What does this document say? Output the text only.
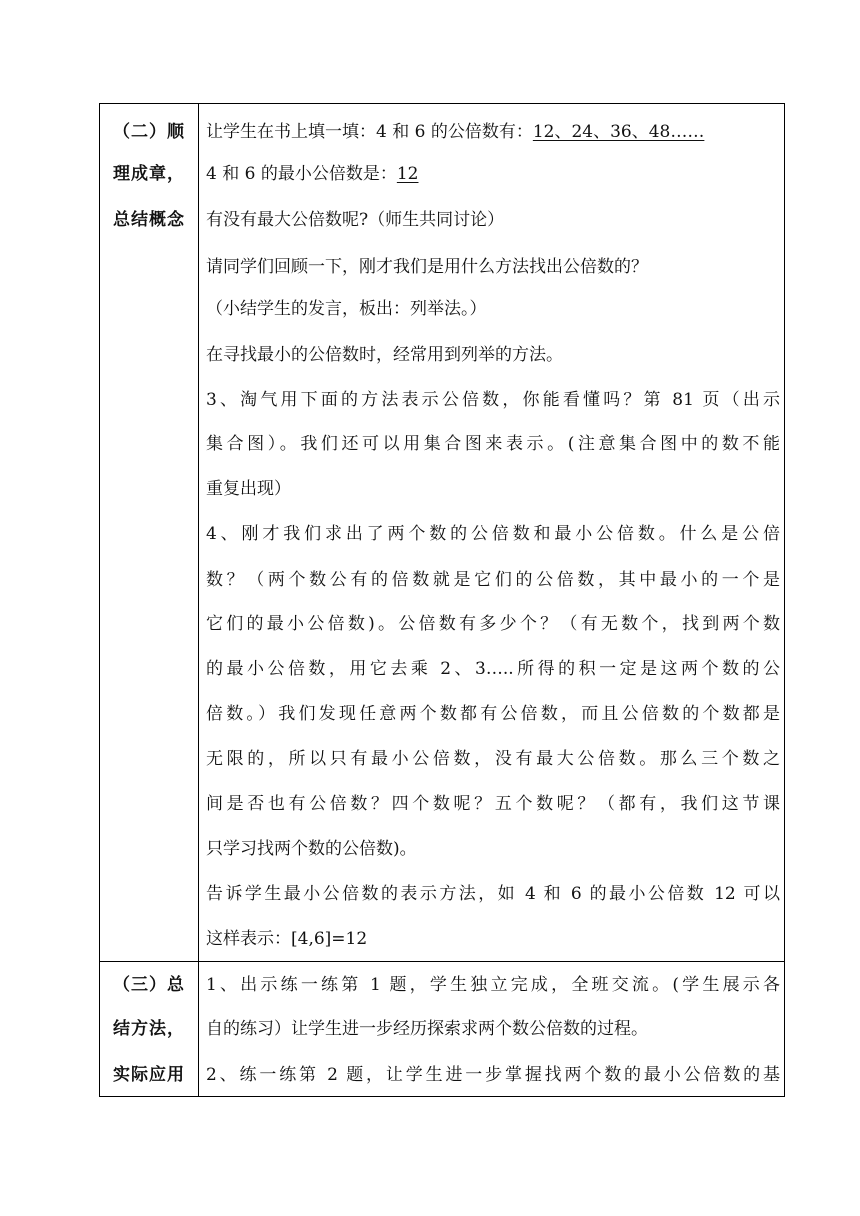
（二）顺
理成章，
总结概念
（三）总
结方法，
实际应用
让学生在书上填一填：4 和 6 的公倍数有：12、24、36、48……
4 和 6 的最小公倍数是：12
有没有最大公倍数呢?（师生共同讨论）
请同学们回顾一下，刚才我们是用什么方法找出公倍数的？
（小结学生的发言，板出：列举法。）
在寻找最小的公倍数时，经常用到列举的方法。
3、淘气用下面的方法表示公倍数，你能看懂吗？第 81 页（出示
集合图）。我们还可以用集合图来表示。(注意集合图中的数不能
重复出现）
4、刚才我们求出了两个数的公倍数和最小公倍数。什么是公倍
数？（两个数公有的倍数就是它们的公倍数，其中最小的一个是
它们的最小公倍数)。公倍数有多少个？（有无数个，找到两个数
的最小公倍数，用它去乘 2、3…..所得的积一定是这两个数的公
倍数。）我们发现任意两个数都有公倍数，而且公倍数的个数都是
无限的，所以只有最小公倍数，没有最大公倍数。那么三个数之
间是否也有公倍数？四个数呢？五个数呢？（都有，我们这节课
只学习找两个数的公倍数)。
告诉学生最小公倍数的表示方法，如 4 和 6 的最小公倍数 12 可以
这样表示：[4,6]=12
1、出示练一练第 1 题，学生独立完成，全班交流。(学生展示各
自的练习）让学生进一步经历探索求两个数公倍数的过程。
2、练一练第 2 题，让学生进一步掌握找两个数的最小公倍数的基
